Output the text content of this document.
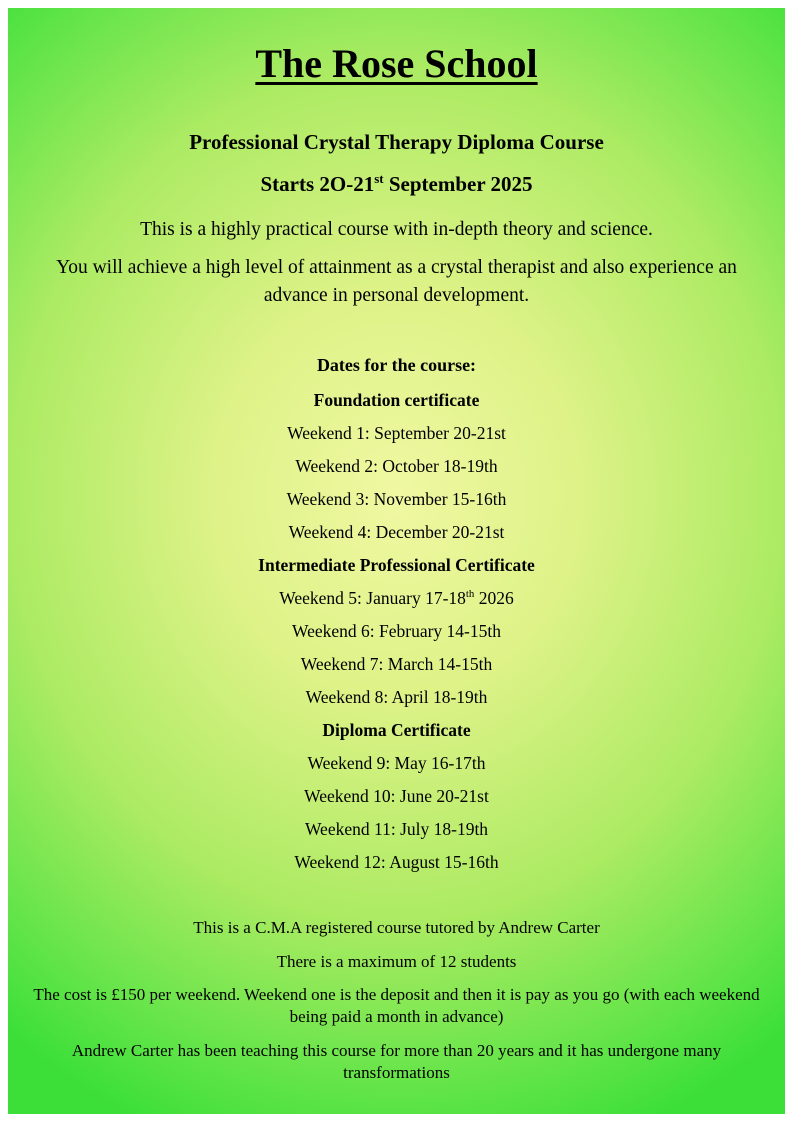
The Rose School

Professional Crystal Therapy Diploma Course

Starts 2O-21st September 2025

This is a highly practical course with in-depth theory and science.

You will achieve a high level of attainment as a crystal therapist and also experience an advance in personal development.

Dates for the course:
Foundation certificate
Weekend 1: September 20-21st
Weekend 2: October 18-19th
Weekend 3: November 15-16th
Weekend 4: December 20-21st
Intermediate Professional Certificate
Weekend 5: January 17-18th 2026
Weekend 6: February 14-15th
Weekend 7: March 14-15th
Weekend 8: April 18-19th
Diploma Certificate
Weekend 9: May 16-17th
Weekend 10: June 20-21st
Weekend 11: July 18-19th
Weekend 12: August 15-16th

This is a C.M.A registered course tutored by Andrew Carter

There is a maximum of 12 students

The cost is £150 per weekend. Weekend one is the deposit and then it is pay as you go (with each weekend being paid a month in advance)

Andrew Carter has been teaching this course for more than 20 years and it has undergone many transformations
